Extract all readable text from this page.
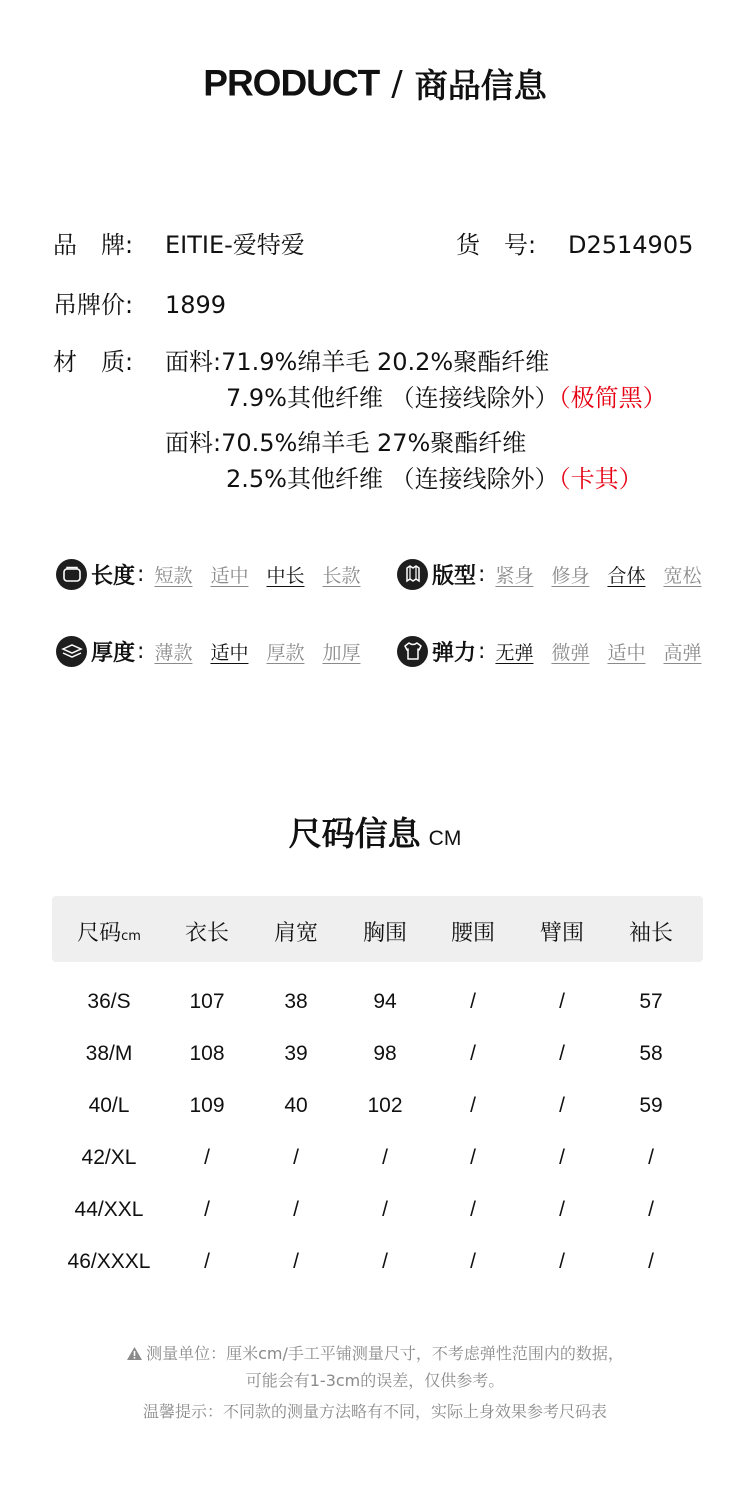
PRODUCT / 商品信息
品　牌: EITIE-爱特爱	货　号: D2514905
吊牌价: 1899
材　质: 面料:71.9%绵羊毛 20.2%聚酯纤维
7.9%其他纤维 （连接线除外）（极简黑）
面料:70.5%绵羊毛 27%聚酯纤维
2.5%其他纤维 （连接线除外）（卡其）
长度 : 短款 适中 中长 长款	版型 : 紧身 修身 合体 宽松
厚度 : 薄款 适中 厚款 加厚	弹力 : 无弹 微弹 适中 高弹
尺码信息 CM
尺码cm	衣长	肩宽	胸围	腰围	臂围	袖长
36/S	107	38	94	/	/	57
38/M	108	39	98	/	/	58
40/L	109	40	102	/	/	59
42/XL	/	/	/	/	/	/
44/XXL	/	/	/	/	/	/
46/XXXL	/	/	/	/	/	/
测量单位：厘米cm/手工平铺测量尺寸，不考虑弹性范围内的数据，
可能会有1-3cm的误差，仅供参考。
温馨提示：不同款的测量方法略有不同，实际上身效果参考尺码表
